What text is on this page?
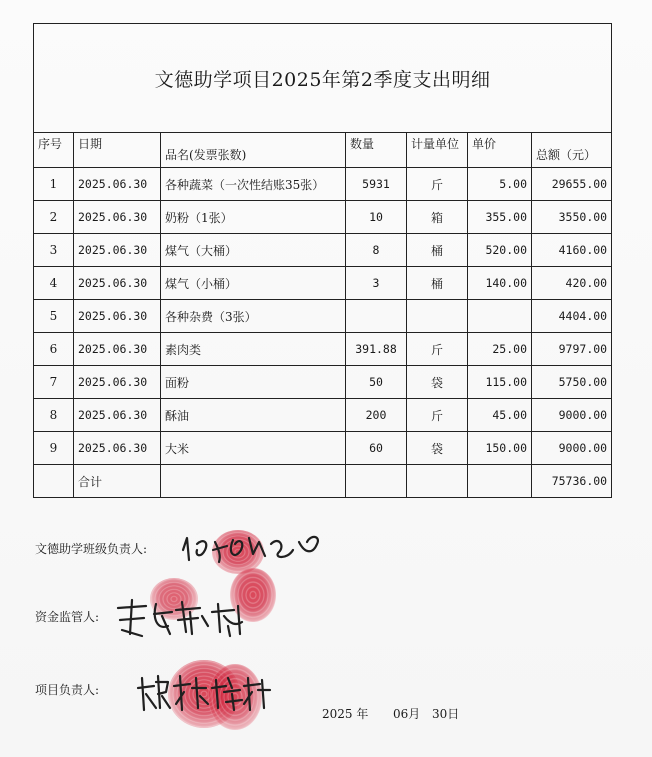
文德助学项目2025年第2季度支出明细						
序号	日期	品名(发票张数)	数量	计量单位	单价	总额（元）
1	2025.06.30	各种蔬菜（一次性结账35张）	5931	斤	5.00	29655.00
2	2025.06.30	奶粉（1张）	10	箱	355.00	3550.00
3	2025.06.30	煤气（大桶）	8	桶	520.00	4160.00
4	2025.06.30	煤气（小桶）	3	桶	140.00	420.00
5	2025.06.30	各种杂费（3张）				4404.00
6	2025.06.30	素肉类	391.88	斤	25.00	9797.00
7	2025.06.30	面粉	50	袋	115.00	5750.00
8	2025.06.30	酥油	200	斤	45.00	9000.00
9	2025.06.30	大米	60	袋	150.00	9000.00
	合计					75736.00
文德助学班级负责人:
资金监管人:
项目负责人:
2025 年 06月 30日
